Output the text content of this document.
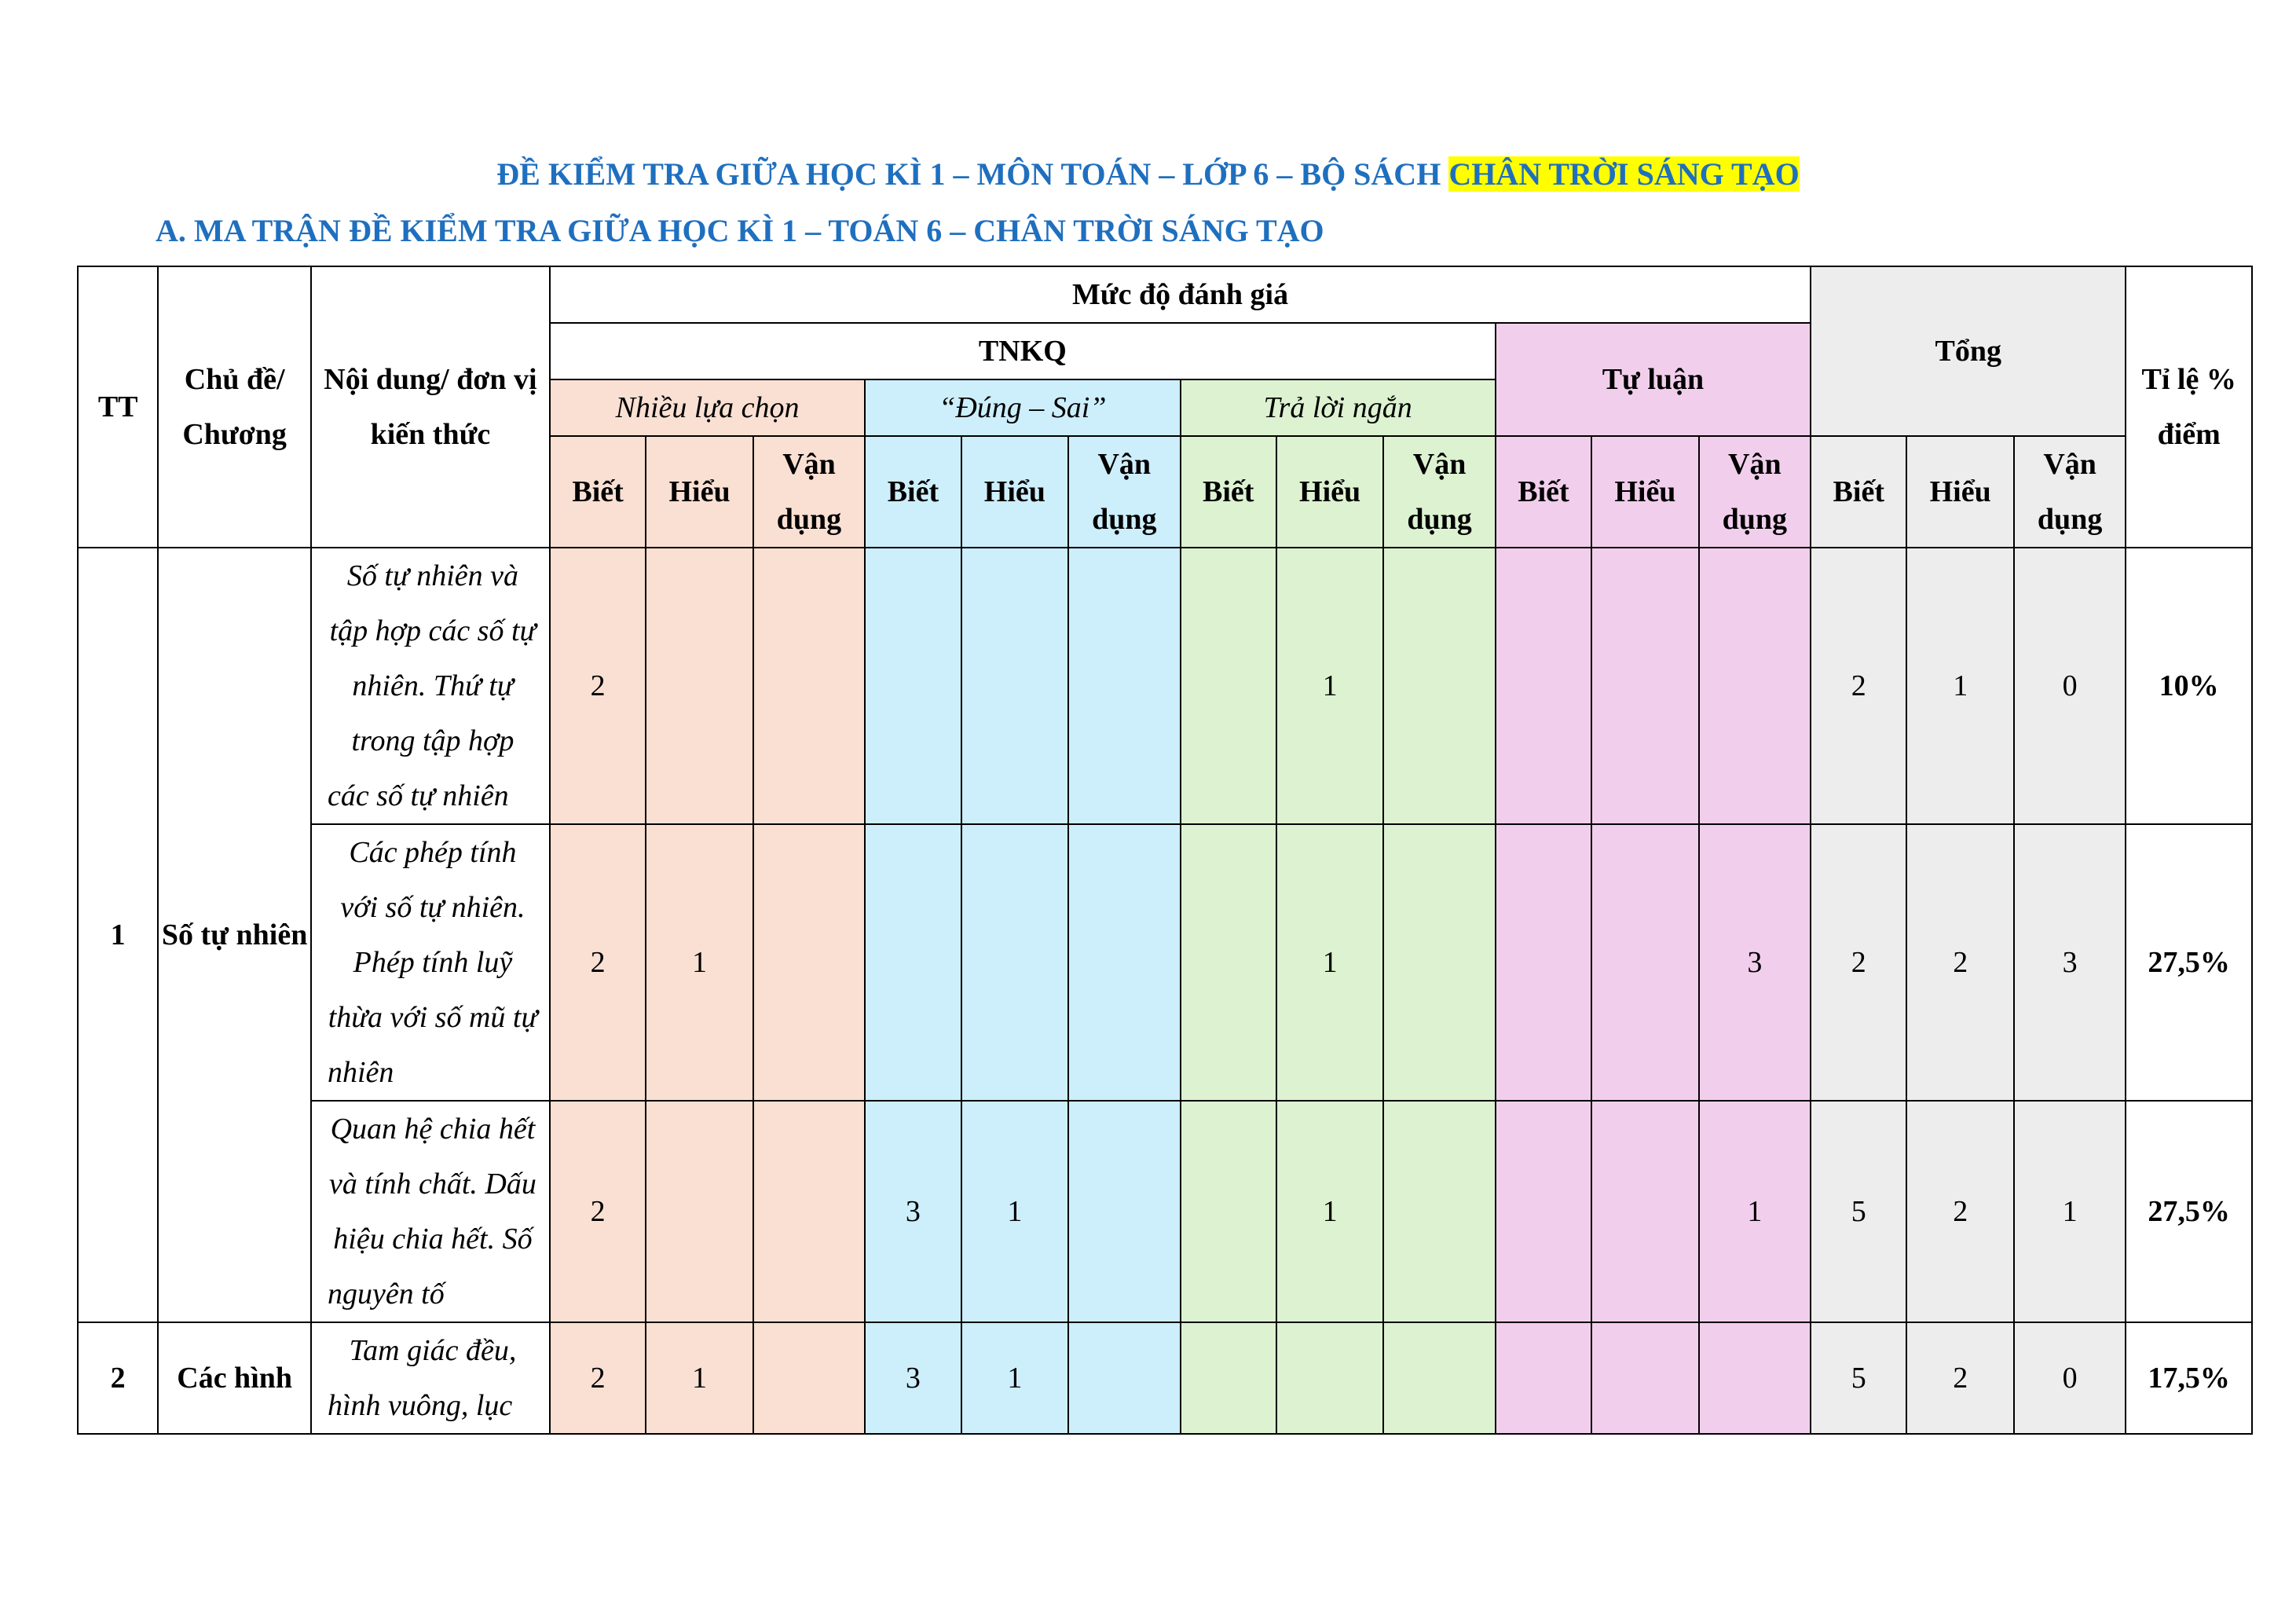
ĐỀ KIỂM TRA GIỮA HỌC KÌ 1 – MÔN TOÁN – LỚP 6 – BỘ SÁCH CHÂN TRỜI SÁNG TẠO
A. MA TRẬN ĐỀ KIỂM TRA GIỮA HỌC KÌ 1 – TOÁN 6 – CHÂN TRỜI SÁNG TẠO
TT	Chủ đề/ Chương	Nội dung/ đơn vị kiến thức	Mức độ đánh giá												Tổng			Tỉ lệ % điểm
			TNKQ									Tự luận						
			Nhiều lựa chọn			“Đúng – Sai”			Trả lời ngắn									
			Biết	Hiểu	Vận dụng	Biết	Hiểu	Vận dụng	Biết	Hiểu	Vận dụng	Biết	Hiểu	Vận dụng	Biết	Hiểu	Vận dụng	
1	Số tự nhiên	Số tự nhiên và tập hợp các số tự nhiên. Thứ tự trong tập hợp các số tự nhiên	2							1					2	1	0	10%
		Các phép tính với số tự nhiên. Phép tính luỹ thừa với số mũ tự nhiên	2	1						1				3	2	2	3	27,5%
		Quan hệ chia hết và tính chất. Dấu hiệu chia hết. Số nguyên tố	2			3	1			1				1	5	2	1	27,5%
2	Các hình	Tam giác đều, hình vuông, lục	2	1		3	1								5	2	0	17,5%
